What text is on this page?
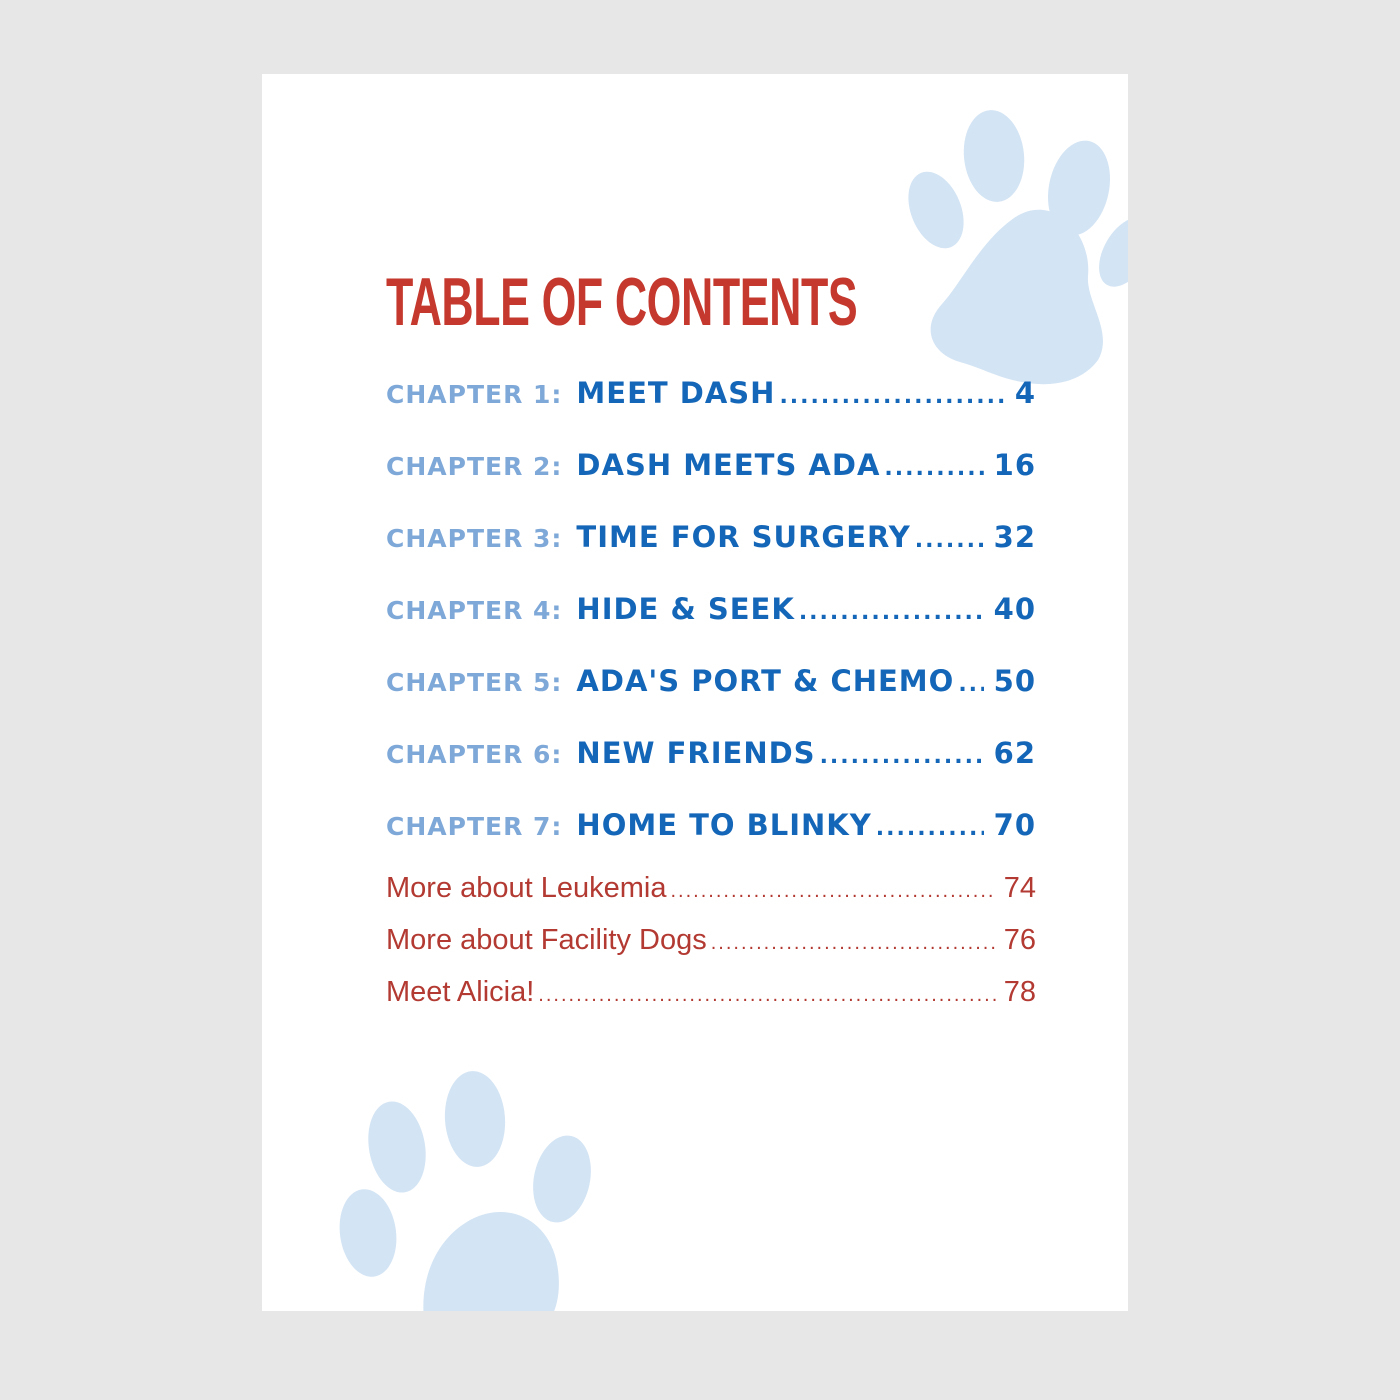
TABLE OF CONTENTS
CHAPTER 1: MEET DASH .....	4
CHAPTER 2: DASH MEETS ADA .....	16
CHAPTER 3: TIME FOR SURGERY .....	32
CHAPTER 4: HIDE & SEEK .....	40
CHAPTER 5: ADA'S PORT & CHEMO ..... 50
CHAPTER 6: NEW FRIENDS .....	62
CHAPTER 7: HOME TO BLINKY .....	70
More about Leukemia .....	74
More about Facility Dogs .....	76
Meet Alicia! .....	78
